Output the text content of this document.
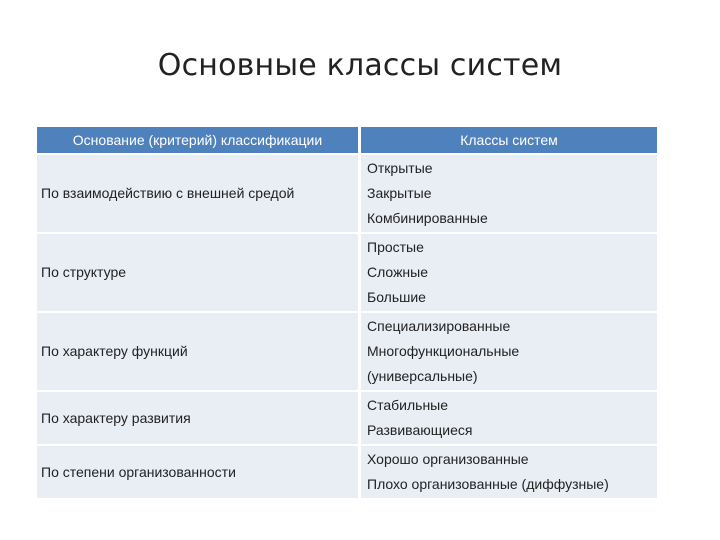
Основные классы систем
Основание (критерий) классификации	Классы систем
По взаимодействию с внешней средой	Открытые
Закрытые
Комбинированные

По структуре	Простые
Сложные
Большие

По характеру функций	Специализированные
Многофункциональные
(универсальные)

По характеру развития	Стабильные
Развивающиеся

По степени организованности	Хорошо организованные
Плохо организованные (диффузные)
